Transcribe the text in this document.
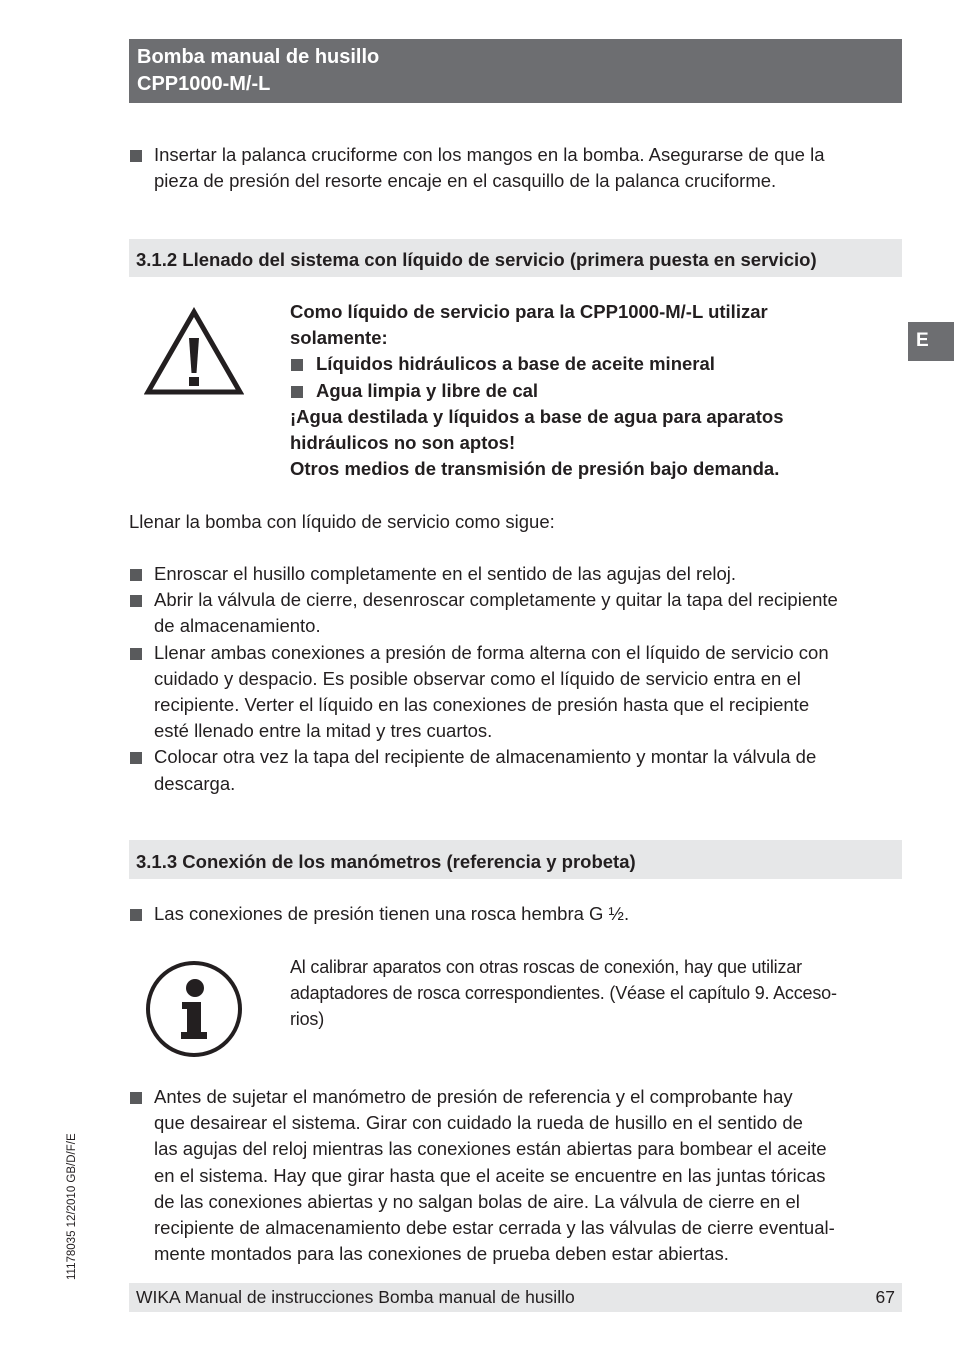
Bomba manual de husillo
CPP1000-M/-L
Insertar la palanca cruciforme con los mangos en la bomba. Asegurarse de que la
pieza de presión del resorte encaje en el casquillo de la palanca cruciforme.
3.1.2 Llenado del sistema con líquido de servicio (primera puesta en servicio)
Como líquido de servicio para la CPP1000-M/-L utilizar
solamente:
Líquidos hidráulicos a base de aceite mineral
Agua limpia y libre de cal
¡Agua destilada y líquidos a base de agua para aparatos
hidráulicos no son aptos!
Otros medios de transmisión de presión bajo demanda.
E
Llenar la bomba con líquido de servicio como sigue:
Enroscar el husillo completamente en el sentido de las agujas del reloj.
Abrir la válvula de cierre, desenroscar completamente y quitar la tapa del recipiente
de almacenamiento.
Llenar ambas conexiones a presión de forma alterna con el líquido de servicio con
cuidado y despacio. Es posible observar como el líquido de servicio entra en el
recipiente. Verter el líquido en las conexiones de presión hasta que el recipiente
esté llenado entre la mitad y tres cuartos.
Colocar otra vez la tapa del recipiente de almacenamiento y montar la válvula de
descarga.
3.1.3 Conexión de los manómetros (referencia y probeta)
Las conexiones de presión tienen una rosca hembra G ½.
Al calibrar aparatos con otras roscas de conexión, hay que utilizar
adaptadores de rosca correspondientes. (Véase el capítulo 9. Acceso-
rios)
Antes de sujetar el manómetro de presión de referencia y el comprobante hay
que desairear el sistema. Girar con cuidado la rueda de husillo en el sentido de
las agujas del reloj mientras las conexiones están abiertas para bombear el aceite
en el sistema. Hay que girar hasta que el aceite se encuentre en las juntas tóricas
de las conexiones abiertas y no salgan bolas de aire. La válvula de cierre en el
recipiente de almacenamiento debe estar cerrada y las válvulas de cierre eventual-
mente montados para las conexiones de prueba deben estar abiertas.
11178035 12/2010 GB/D/F/E
WIKA Manual de instrucciones Bomba manual de husillo	67
